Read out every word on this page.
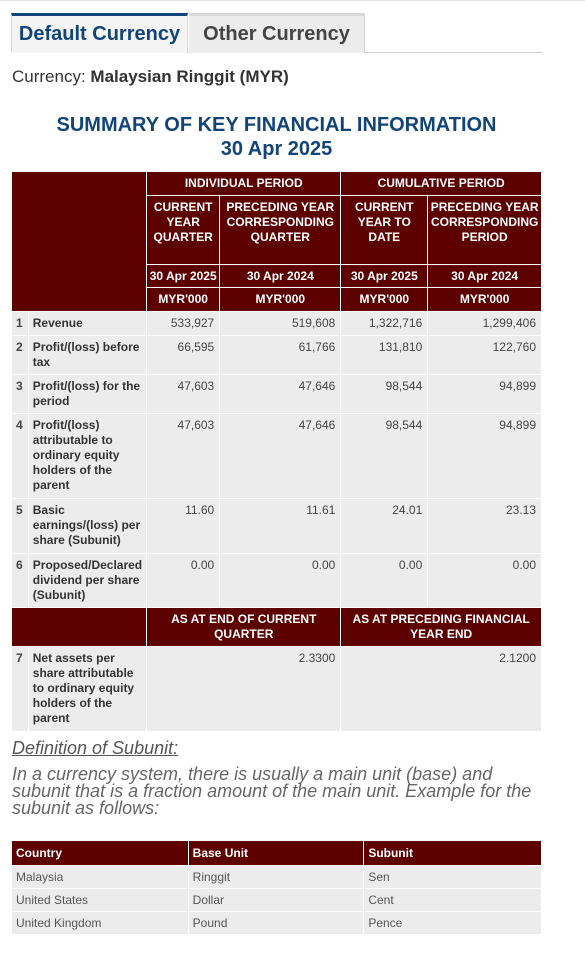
Default Currency	Other Currency
Currency: Malaysian Ringgit (MYR)
SUMMARY OF KEY FINANCIAL INFORMATION
30 Apr 2025
		INDIVIDUAL PERIOD		CUMULATIVE PERIOD	
		CURRENT YEAR QUARTER	PRECEDING YEAR CORRESPONDING QUARTER	CURRENT YEAR TO DATE	PRECEDING YEAR CORRESPONDING PERIOD
		30 Apr 2025	30 Apr 2024	30 Apr 2025	30 Apr 2024
		MYR'000	MYR'000	MYR'000	MYR'000
1	Revenue	533,927	519,608	1,322,716	1,299,406
2	Profit/(loss) before tax	66,595	61,766	131,810	122,760
3	Profit/(loss) for the period	47,603	47,646	98,544	94,899
4	Profit/(loss) attributable to ordinary equity holders of the parent	47,603	47,646	98,544	94,899
5	Basic earnings/(loss) per share (Subunit)	11.60	11.61	24.01	23.13
6	Proposed/Declared dividend per share (Subunit)	0.00	0.00	0.00	0.00
		AS AT END OF CURRENT QUARTER		AS AT PRECEDING FINANCIAL YEAR END	
7	Net assets per share attributable to ordinary equity holders of the parent	2.3300		2.1200	
Definition of Subunit:
In a currency system, there is usually a main unit (base) and subunit that is a fraction amount of the main unit. Example for the subunit as follows:
Country	Base Unit	Subunit
Malaysia	Ringgit	Sen
United States	Dollar	Cent
United Kingdom	Pound	Pence
